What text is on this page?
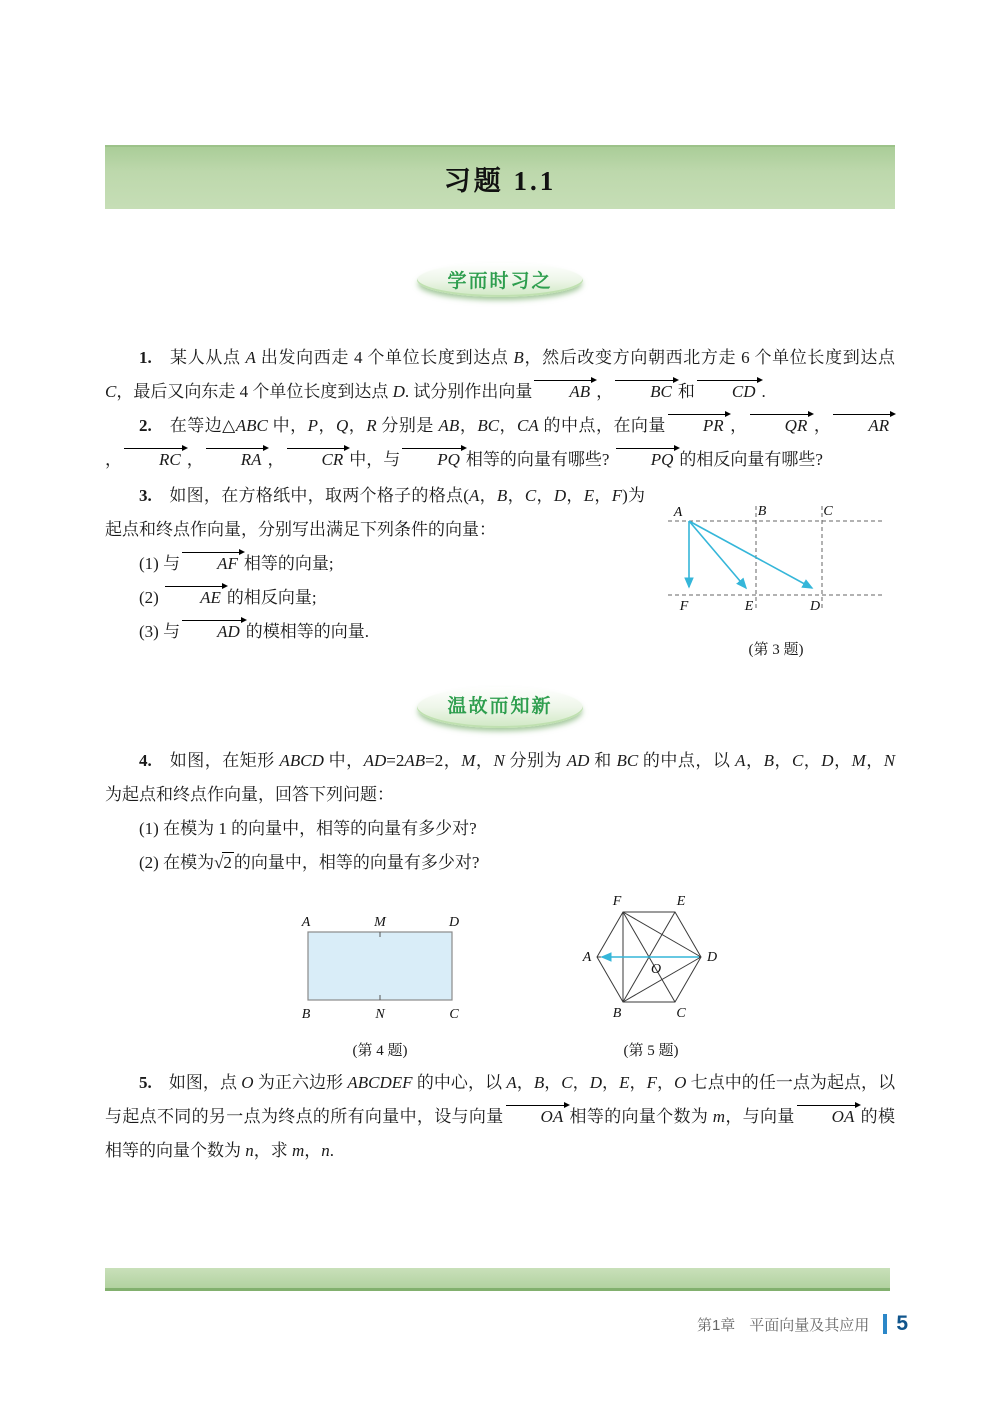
习题 1.1
学而时习之

1.　某人从点 A 出发向西走 4 个单位长度到达点 B，然后改变方向朝西北方走 6 个单位长度到达点 C，最后又向东走 4 个单位长度到达点 D. 试分别作出向量 AB ， BC 和 CD .

2.　在等边△ABC 中，P，Q，R 分别是 AB，BC，CA 的中点，在向量 PR ， QR ， AR， RC ， RA ， CR 中，与 PQ 相等的向量有哪些? PQ 的相反向量有哪些?

A	B	C
F	E	D
(第 3 题)

3.　如图，在方格纸中，取两个格子的格点(A，B，C，D，E，F)为起点和终点作向量，分别写出满足下列条件的向量：

(1) 与 AF 相等的向量;

(2) AE 的相反向量;

(3) 与 AD 的模相等的向量.

温故而知新

4.　如图，在矩形 ABCD 中，AD=2AB=2，M，N 分别为 AD 和 BC 的中点，以 A，B，C，D，M，N 为起点和终点作向量，回答下列问题：

(1) 在模为 1 的向量中，相等的向量有多少对?

(2) 在模为√2 的向量中，相等的向量有多少对?

A	M	D
B	N	C
(第 4 题)
F	E
A	D
B	C
O
(第 5 题)

5.　如图，点 O 为正六边形 ABCDEF 的中心，以 A，B，C，D，E，F，O 七点中的任一点为起点，以与起点不同的另一点为终点的所有向量中，设与向量 OA 相等的向量个数为 m，与向量 OA 的模相等的向量个数为 n，求 m，n.

第1章 平面向量及其应用 5
